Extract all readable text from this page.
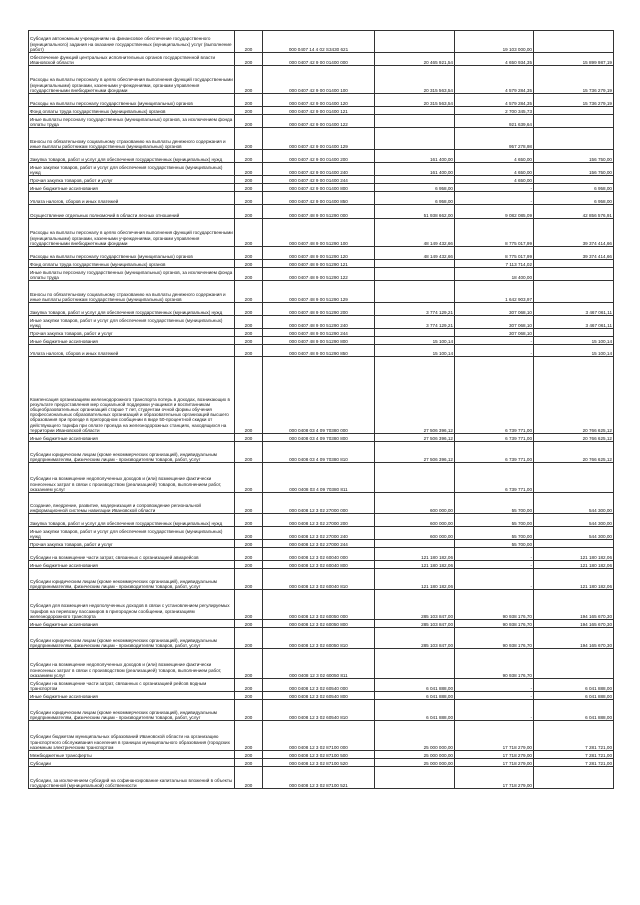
Субсидия автономным учреждениям на финансовое обеспечение государственного (муниципального) задания на оказание государственных (муниципальных) услуг (выполнение работ)	200	000 0407 14 4 02 S3430 621		19 103 000,00	
Обеспечение функций центральных исполнительных органов государственной власти Ивановской области	200	000 0407 42 9 00 01400 000	20 465 921,54	4 650 934,35	15 899 987,19
Расходы на выплаты персоналу в целях обеспечения выполнения функций государственными (муниципальными) органами, казенными учреждениями, органами управления государственными внебюджетными фондами	200	000 0407 42 9 00 01400 100	20 315 563,54	4 579 284,35	15 736 279,19
Расходы на выплаты персоналу государственных (муниципальных) органов	200	000 0407 42 9 00 01400 120	20 315 563,54	4 579 284,35	15 736 279,19
Фонд оплаты труда государственных (муниципальных) органов	200	000 0407 42 9 00 01400 121		2 700 345,73	
Иные выплаты персоналу государственных (муниципальных) органов, за исключением фонда оплаты труда	200	000 0407 42 9 00 01400 122		921 639,64	
Взносы по обязательному социальному страхованию на выплаты денежного содержания и иные выплаты работникам государственных (муниципальных) органов	200	000 0407 42 9 00 01400 129		957 278,98	
Закупка товаров, работ и услуг для обеспечения государственных (муниципальных) нужд	200	000 0407 42 9 00 01400 200	161 400,00	4 650,00	156 750,00
Иные закупки товаров, работ и услуг для обеспечения государственных (муниципальных) нужд	200	000 0407 42 9 00 01400 240	161 400,00	4 650,00	156 750,00
Прочая закупка товаров, работ и услуг	200	000 0407 42 9 00 01400 244		4 650,00	
Иные бюджетные ассигнования	200	000 0407 42 9 00 01400 800	6 958,00	-	6 958,00
Уплата налогов, сборов и иных платежей	200	000 0407 42 9 00 01400 850	6 958,00	-	6 958,00
Осуществление отдельных полномочий в области лесных отношений	200	000 0407 48 9 00 51290 000	51 938 662,00	9 082 085,09	42 856 576,91
Расходы на выплаты персоналу в целях обеспечения выполнения функций государственными (муниципальными) органами, казенными учреждениями, органами управления государственными внебюджетными фондами	200	000 0407 48 9 00 51290 100	48 149 432,66	8 775 017,99	39 374 414,66
Расходы на выплаты персоналу государственных (муниципальных) органов	200	000 0407 48 9 00 51290 120	48 149 432,66	8 775 017,99	39 374 414,66
Фонд оплаты труда государственных (муниципальных) органов	200	000 0407 48 9 00 51290 121		7 113 714,02	
Иные выплаты персоналу государственных (муниципальных) органов, за исключением фонда оплаты труда	200	000 0407 48 9 00 51290 122		18 400,00	
Взносы по обязательному социальному страхованию на выплаты денежного содержания и иные выплаты работникам государственных (муниципальных) органов	200	000 0407 48 9 00 51290 129		1 642 903,97	
Закупка товаров, работ и услуг для обеспечения государственных (муниципальных) нужд	200	000 0407 48 9 00 51290 200	3 774 129,21	307 068,10	3 467 061,11
Иные закупки товаров, работ и услуг для обеспечения государственных (муниципальных) нужд	200	000 0407 48 9 00 51290 240	3 774 129,21	307 068,10	3 467 061,11
Прочая закупка товаров, работ и услуг	200	000 0407 48 9 00 51290 244		307 068,10	
Иные бюджетные ассигнования	200	000 0407 48 9 00 51290 800	15 100,14	-	15 100,14
Уплата налогов, сборов и иных платежей	200	000 0407 48 9 00 51290 850	15 100,14	-	15 100,14
Компенсация организациям железнодорожного транспорта потерь в доходах, возникающих в результате предоставления мер социальной поддержки учащимся и воспитанникам общеобразовательных организаций старше 7 лет, студентам очной формы обучения профессиональных образовательных организаций и образовательных организаций высшего образования при проезде в пригородном сообщении в виде 50-процентной скидки от действующего тарифа при оплате проезда на железнодорожных станциях, находящихся на территории Ивановской области	200	000 0408 03 4 09 70380 000	27 506 396,12	6 739 771,00	20 766 625,12
Иные бюджетные ассигнования	200	000 0408 03 4 09 70380 800	27 506 396,12	6 739 771,00	20 766 625,12
Субсидии юридическим лицам (кроме некоммерческих организаций), индивидуальным предпринимателям, физическим лицам - производителям товаров, работ, услуг	200	000 0408 03 4 09 70380 810	27 506 396,12	6 739 771,00	20 766 625,12
Субсидии на возмещение недополученных доходов и (или) возмещение фактически понесенных затрат в связи с производством (реализацией) товаров, выполнением работ, оказанием услуг	200	000 0408 03 4 09 70380 811		6 739 771,00	
Создание, внедрение, развитие, модернизация и сопровождение региональной информационной системы навигации Ивановской области	200	000 0408 12 3 02 27000 000	600 000,00	55 700,00	544 300,00
Закупка товаров, работ и услуг для обеспечения государственных (муниципальных) нужд	200	000 0408 12 3 02 27000 200	600 000,00	55 700,00	544 300,00
Иные закупки товаров, работ и услуг для обеспечения государственных (муниципальных) нужд	200	000 0408 12 3 02 27000 240	600 000,00	55 700,00	544 300,00
Прочая закупка товаров, работ и услуг	200	000 0408 12 3 02 27000 244		55 700,00	
Субсидии на возмещение части затрат, связанных с организацией авиарейсов	200	000 0408 12 3 02 60040 000	121 180 182,06	-	121 180 182,06
Иные бюджетные ассигнования	200	000 0408 12 3 02 60040 800	121 180 182,06	-	121 180 182,06
Субсидии юридическим лицам (кроме некоммерческих организаций), индивидуальным предпринимателям, физическим лицам - производителям товаров, работ, услуг	200	000 0408 12 3 02 60040 810	121 180 182,06	-	121 180 182,06
Субсидия для возмещения недополученных доходов в связи с установлением регулируемых тарифов на перевозку пассажиров в пригородном сообщении, организациям железнодорожного транспорта	200	000 0408 12 3 02 60050 000	285 103 847,00	90 938 176,70	194 165 670,30
Иные бюджетные ассигнования	200	000 0408 12 3 02 60050 800	285 103 847,00	90 938 176,70	194 165 670,30
Субсидии юридическим лицам (кроме некоммерческих организаций), индивидуальным предпринимателям, физическим лицам - производителям товаров, работ, услуг	200	000 0408 12 3 02 60050 810	285 103 847,00	90 938 176,70	194 165 670,30
Субсидии на возмещение недополученных доходов и (или) возмещение фактически понесенных затрат в связи с производством (реализацией) товаров, выполнением работ, оказанием услуг	200	000 0408 12 3 02 60050 811		90 938 176,70	
Субсидии на возмещение части затрат, связанных с организацией рейсов водным транспортом	200	000 0408 12 3 02 60540 000	6 041 888,00	-	6 041 888,00
Иные бюджетные ассигнования	200	000 0408 12 3 02 60540 800	6 041 888,00	-	6 041 888,00
Субсидии юридическим лицам (кроме некоммерческих организаций), индивидуальным предпринимателям, физическим лицам - производителям товаров, работ, услуг	200	000 0408 12 3 02 60540 810	6 041 888,00	-	6 041 888,00
Субсидии бюджетам муниципальных образований Ивановской области на организацию транспортного обслуживания населения в границах муниципального образования (городских наземным электрическим транспортом	200	000 0408 12 3 02 87100 000	25 000 000,00	17 718 279,00	7 281 721,00
Межбюджетные трансферты	200	000 0408 12 3 02 87100 500	25 000 000,00	17 718 279,00	7 281 721,00
Субсидии	200	000 0408 12 3 02 87100 520	25 000 000,00	17 718 279,00	7 281 721,00
Субсидии, за исключением субсидий на софинансирование капитальных вложений в объекты государственной (муниципальной) собственности	200	000 0408 12 3 02 87100 521		17 718 279,00	
